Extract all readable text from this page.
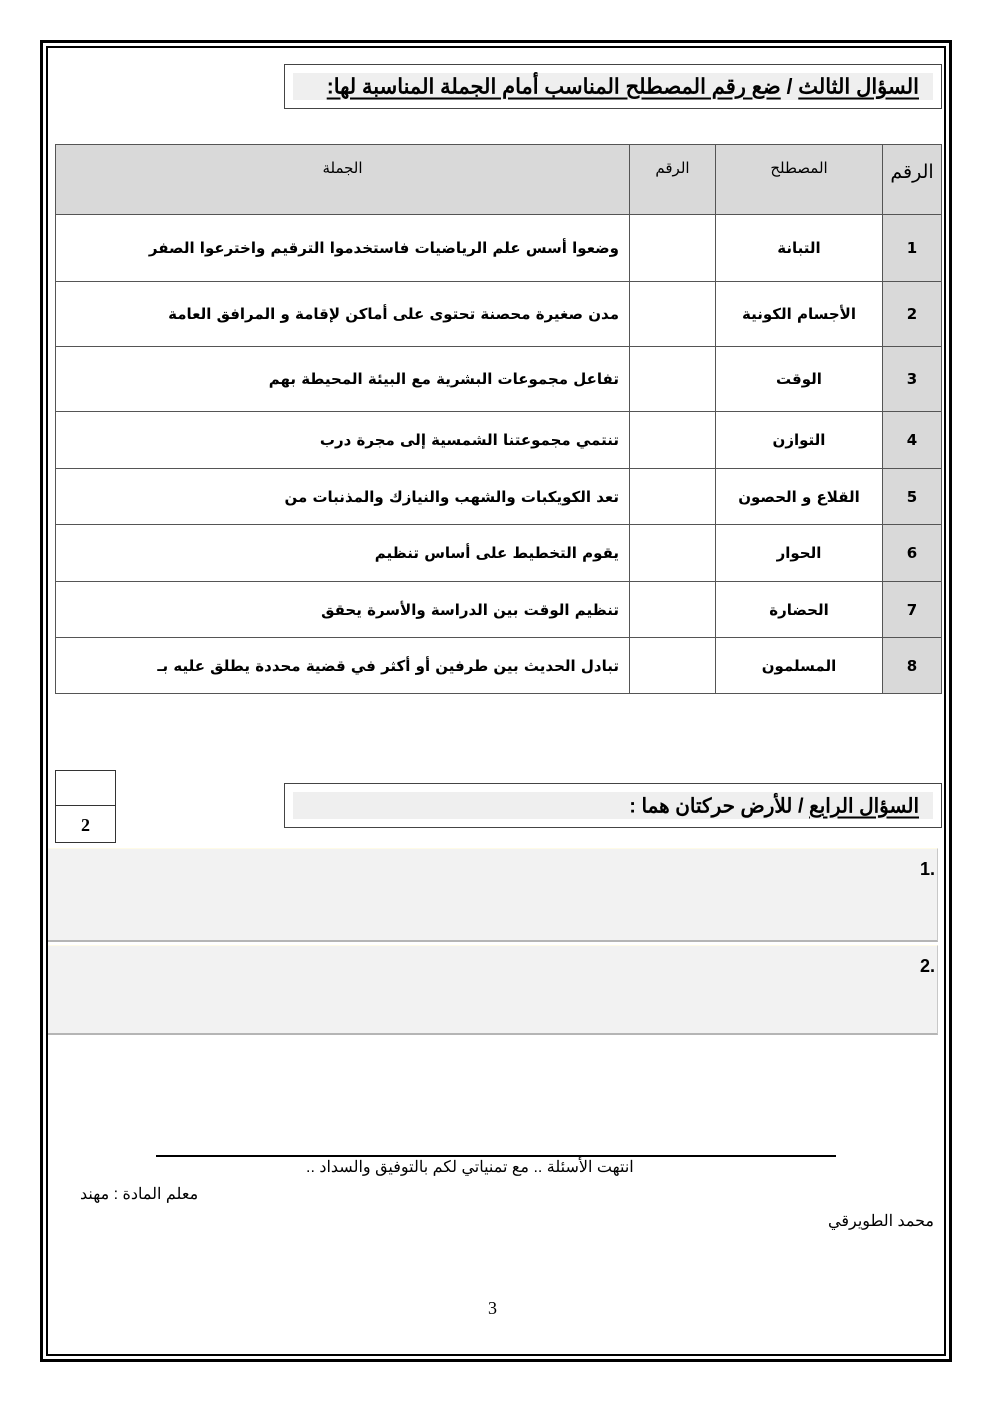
السؤال الثالث / ضع رقم المصطلح المناسب أمام الجملة المناسبة لها:
الرقم	المصطلح	الرقم	الجملة
1	التبانة		وضعوا أسس علم الرياضيات فاستخدموا الترقيم واخترعوا الصفر
2	الأجسام الكونية		مدن صغيرة محصنة تحتوى على أماكن لإقامة و المرافق العامة
3	الوقت		تفاعل مجموعات البشرية مع البيئة المحيطة بهم
4	التوازن		تنتمي مجموعتنا الشمسية إلى مجرة درب
5	القلاع و الحصون		تعد الكويكبات والشهب والنيازك والمذنبات من
6	الحوار		يقوم التخطيط على أساس تنظيم
7	الحضارة		تنظيم الوقت بين الدراسة والأسرة يحقق
8	المسلمون		تبادل الحديث بين طرفين أو أكثر في قضية محددة يطلق عليه بـ
2
السؤال الرابع / للأرض حركتان هما :
1.
2.
انتهت الأسئلة .. مع تمنياتي لكم بالتوفيق والسداد ..
معلم المادة : مهند
محمد الطويرقي
3
